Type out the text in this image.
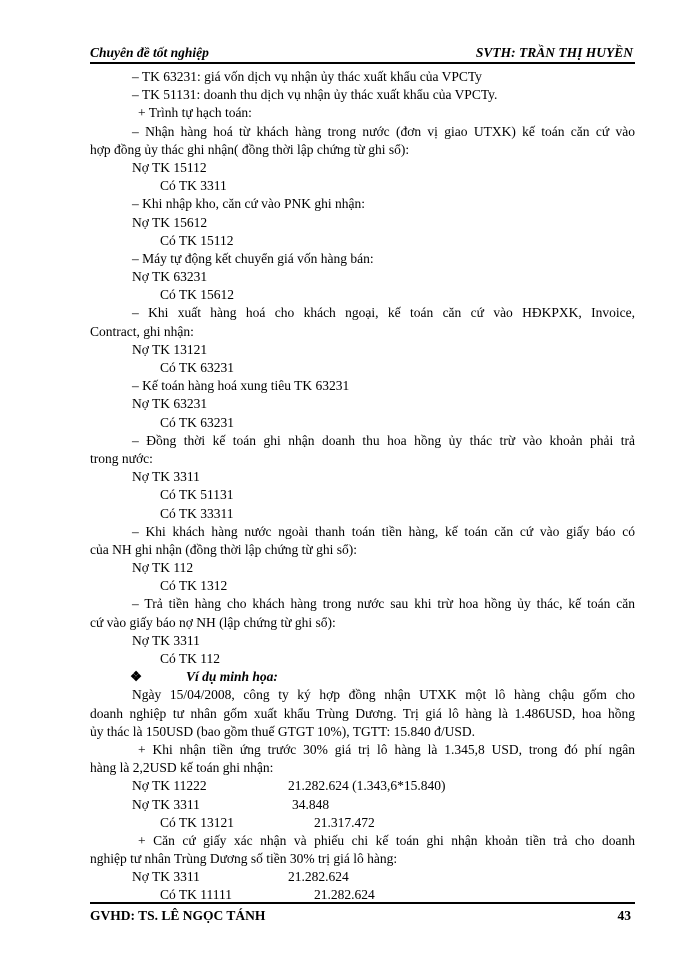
Chuyên đề tốt nghiệp	SVTH: TRẦN THỊ HUYỀN
– TK 63231: giá vốn dịch vụ nhận ủy thác xuất khẩu của VPCTy
– TK 51131: doanh thu dịch vụ nhận ủy thác xuất khẩu của VPCTy.
+ Trình tự hạch toán:
– Nhận hàng hoá từ khách hàng trong nước (đơn vị giao UTXK) kế toán căn cứ vào
hợp đồng ủy thác ghi nhận( đồng thời lập chứng từ ghi sổ):
Nợ TK 15112
Có TK 3311
– Khi nhập kho, căn cứ vào PNK ghi nhận:
Nợ TK 15612
Có TK 15112
– Máy tự động kết chuyển giá vốn hàng bán:
Nợ TK 63231
Có TK 15612
– Khi xuất hàng hoá cho khách ngoại, kế toán căn cứ vào HĐKPXK, Invoice,
Contract, ghi nhận:
Nợ TK 13121
Có TK 63231
– Kế toán hàng hoá xung tiêu TK 63231
Nợ TK 63231
Có TK 63231
– Đồng thời kế toán ghi nhận doanh thu hoa hồng ủy thác trừ vào khoản phải trả
trong nước:
Nợ TK 3311
Có TK 51131
Có TK 33311
– Khi khách hàng nước ngoài thanh toán tiền hàng, kế toán căn cứ vào giấy báo có
của NH ghi nhận (đồng thời lập chứng từ ghi sổ):
Nợ TK 112
Có TK 1312
– Trả tiền hàng cho khách hàng trong nước sau khi trừ hoa hồng ủy thác, kế toán căn
cứ vào giấy báo nợ NH (lập chứng từ ghi sổ):
Nợ TK 3311
Có TK 112
❖	Ví dụ minh họa:
Ngày 15/04/2008, công ty ký hợp đồng nhận UTXK một lô hàng chậu gốm cho
doanh nghiệp tư nhân gốm xuất khẩu Trùng Dương. Trị giá lô hàng là 1.486USD, hoa hồng
ủy thác là 150USD (bao gồm thuế GTGT 10%), TGTT: 15.840 đ/USD.
+ Khi nhận tiền ứng trước 30% giá trị lô hàng là 1.345,8 USD, trong đó phí ngân
hàng là 2,2USD kế toán ghi nhận:
Nợ TK 11222	21.282.624 (1.343,6*15.840)
Nợ TK 3311	34.848
Có TK 13121	21.317.472
+ Căn cứ giấy xác nhận và phiếu chi kế toán ghi nhận khoản tiền trả cho doanh
nghiệp tư nhân Trùng Dương số tiền 30% trị giá lô hàng:
Nợ TK 3311	21.282.624
Có TK 11111	21.282.624
GVHD: TS. LÊ NGỌC TÁNH	43
